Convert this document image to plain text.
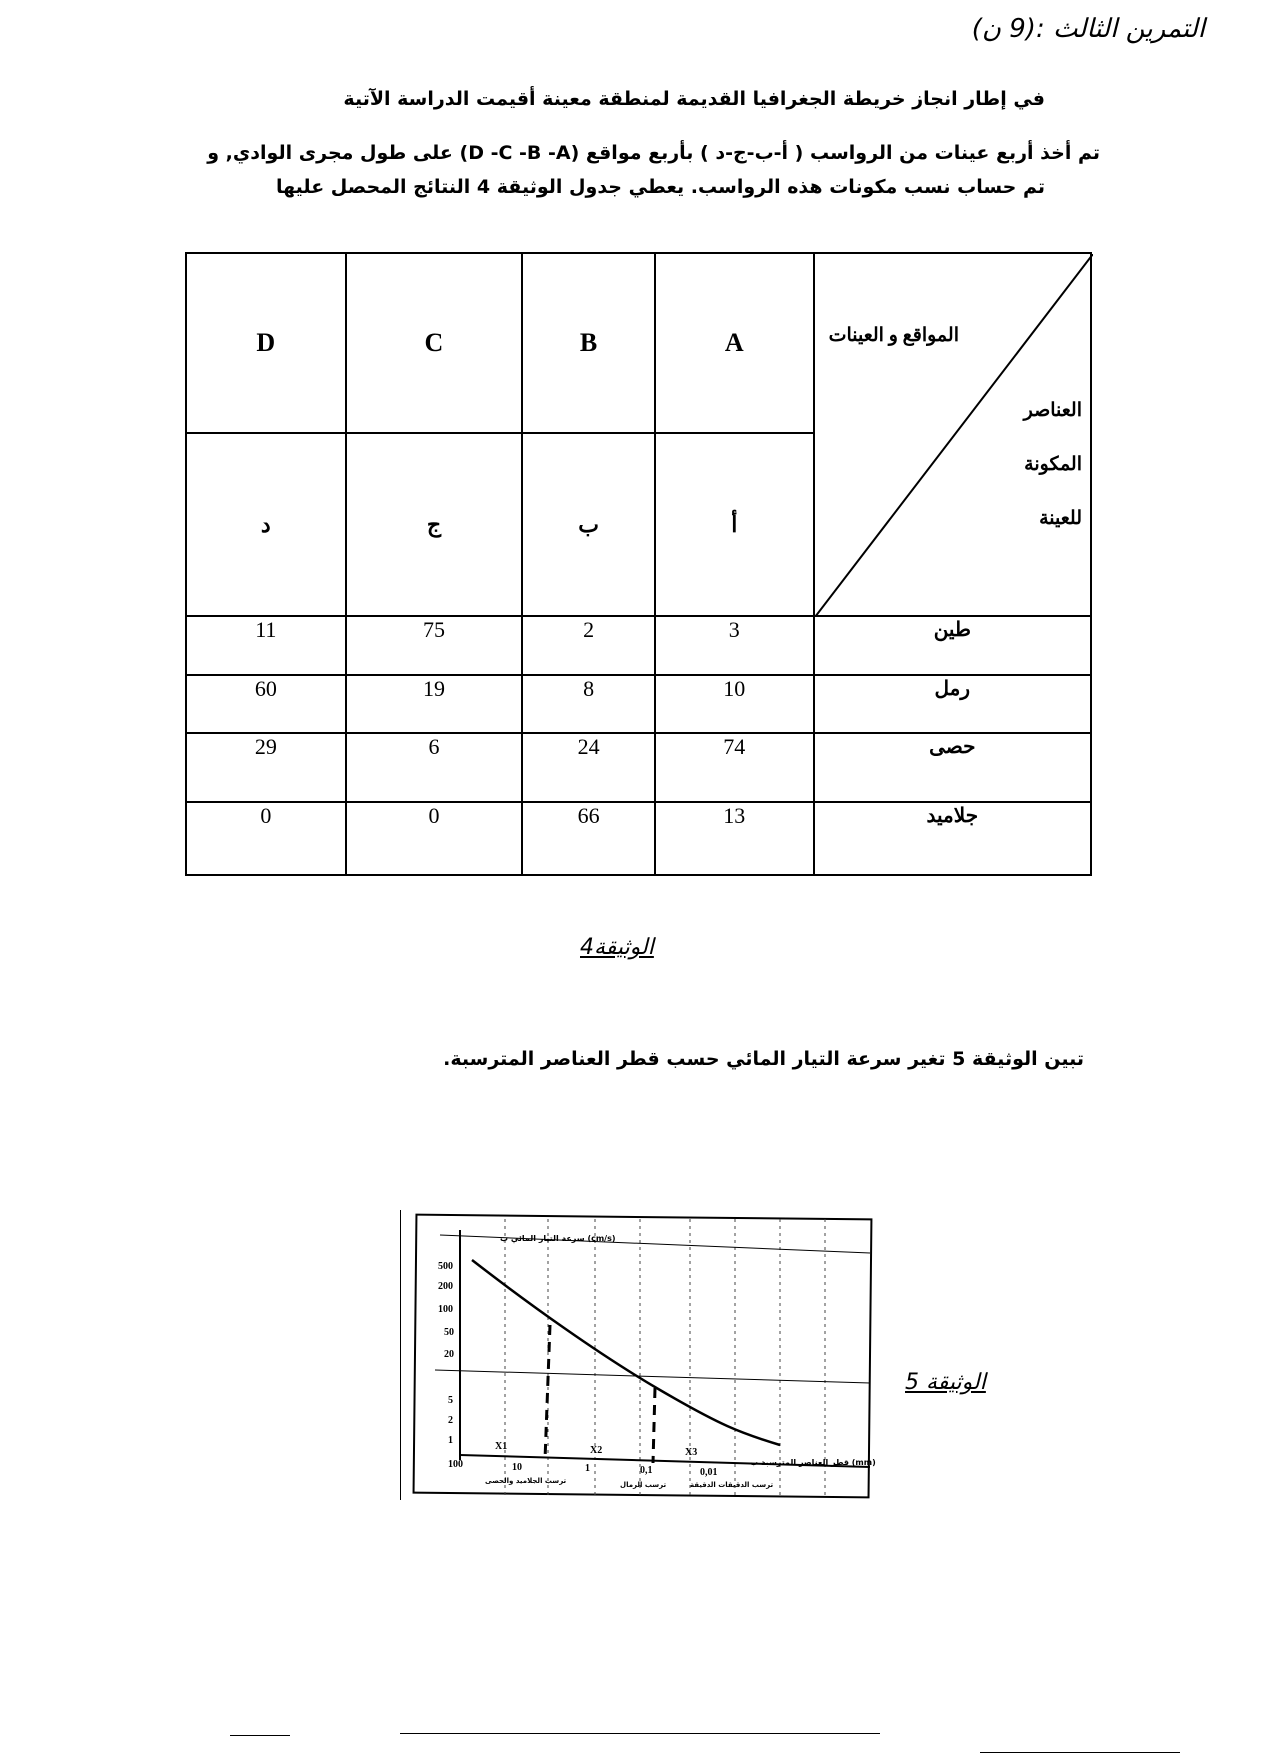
التمرين الثالث :(9 ن)
في إطار انجاز خريطة الجغرافيا القديمة لمنطقة معينة أقيمت الدراسة الآتية
تم أخذ أربع عينات من الرواسب ( أ-ب-ج-د ) بأربع مواقع (D -C -B -A) على طول مجرى الوادي, و
تم حساب نسب مكونات هذه الرواسب. يعطي جدول الوثيقة 4 النتائج المحصل عليها
D	C	B	A	المواقع و العينات
العناصر
المكونة
للعينة

د	ج	ب	أ	
11	75	2	3	طين
60	19	8	10	رمل
29	6	24	74	حصى
0	0	66	13	جلاميد
الوثيقة4
تبين الوثيقة 5 تغير سرعة التيار المائي حسب قطر العناصر المترسبة.
سرعة التيار المائي ب (cm/s)
قطر العناصر المترسبة ب (mm)
500
200
100
50
20
5
2
1
100	10	1	0,1	0,01
X1	X2	X3
ترسب الجلاميد والحصى	ترسب الرمال	ترسب الدقيقات الدقيقة
الوثيقة 5
